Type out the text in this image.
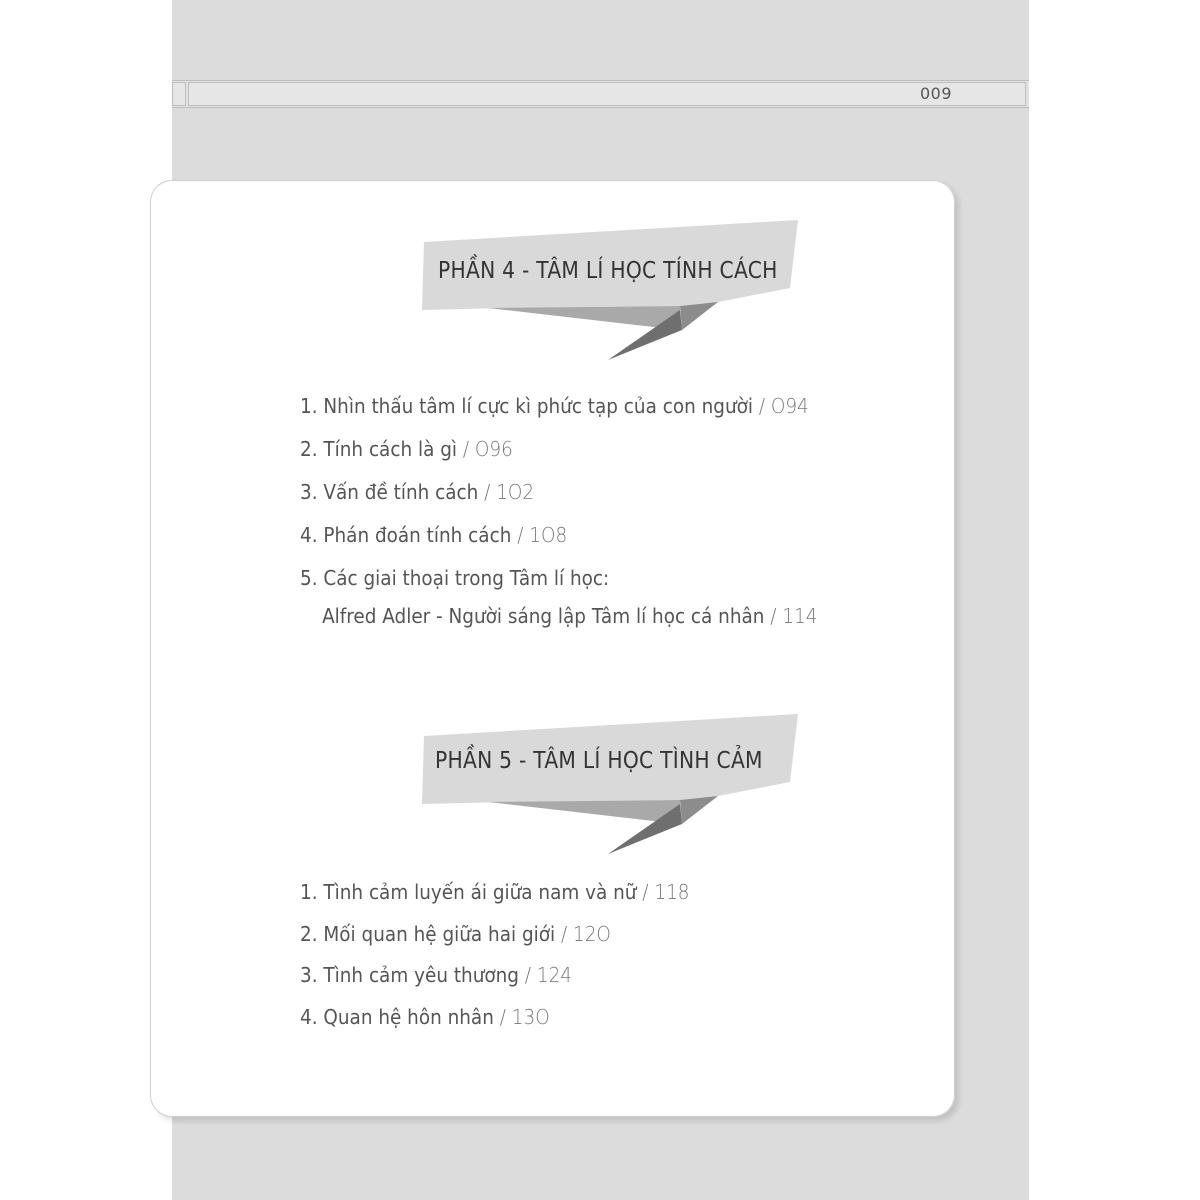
009
PHẦN 4 - TÂM LÍ HỌC TÍNH CÁCH
1. Nhìn thấu tâm lí cực kì phức tạp của con người / O94
2. Tính cách là gì / O96
3. Vấn đề tính cách / 1O2
4. Phán đoán tính cách / 1O8
5. Các giai thoại trong Tâm lí học:
Alfred Adler - Người sáng lập Tâm lí học cá nhân / 114
PHẦN 5 - TÂM LÍ HỌC TÌNH CẢM
1. Tình cảm luyến ái giữa nam và nữ / 118
2. Mối quan hệ giữa hai giới / 12O
3. Tình cảm yêu thương / 124
4. Quan hệ hôn nhân / 13O
